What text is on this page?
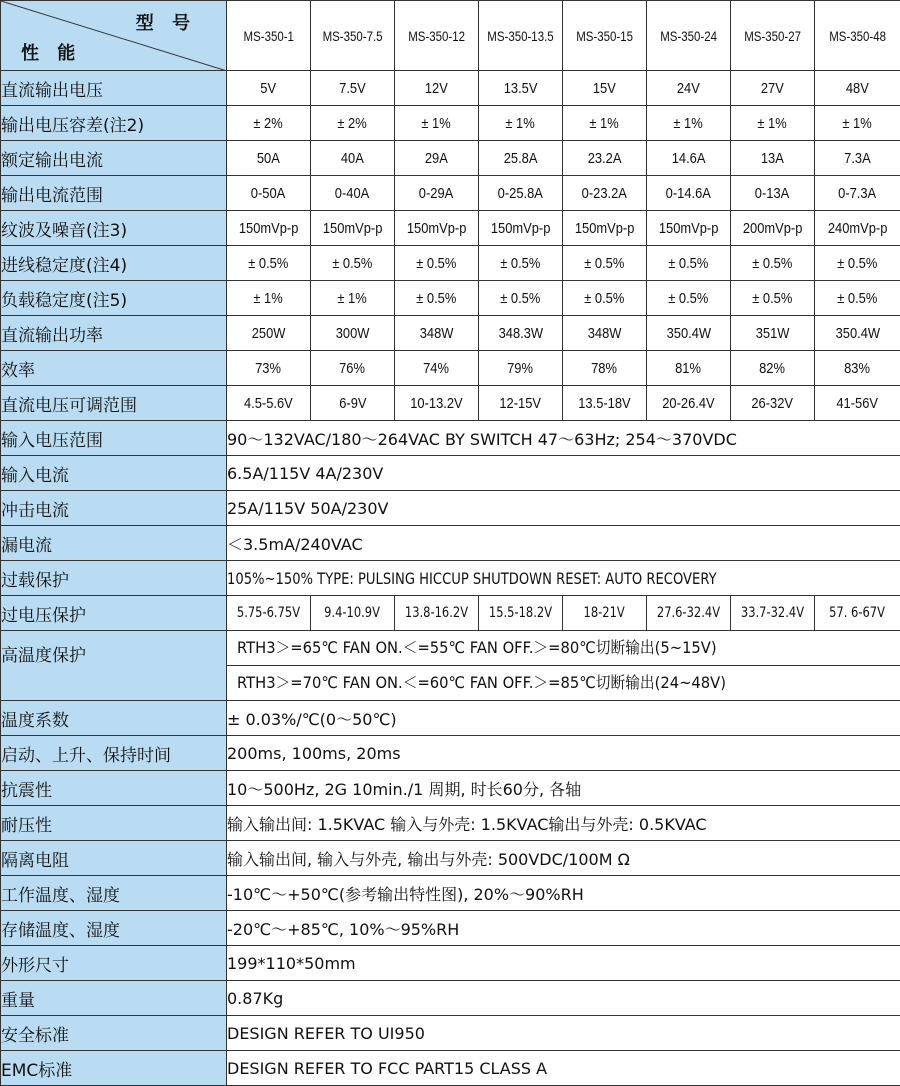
型 号
性 能	MS-350-1	MS-350-7.5	MS-350-12	MS-350-13.5	MS-350-15	MS-350-24	MS-350-27	MS-350-48
直流输出电压	5V	7.5V	12V	13.5V	15V	24V	27V	48V
输出电压容差(注2)	± 2%	± 2%	± 1%	± 1%	± 1%	± 1%	± 1%	± 1%
额定输出电流	50A	40A	29A	25.8A	23.2A	14.6A	13A	7.3A
输出电流范围	0-50A	0-40A	0-29A	0-25.8A	0-23.2A	0-14.6A	0-13A	0-7.3A
纹波及噪音(注3)	150mVp-p	150mVp-p	150mVp-p	150mVp-p	150mVp-p	150mVp-p	200mVp-p	240mVp-p
进线稳定度(注4)	± 0.5%	± 0.5%	± 0.5%	± 0.5%	± 0.5%	± 0.5%	± 0.5%	± 0.5%
负载稳定度(注5)	± 1%	± 1%	± 0.5%	± 0.5%	± 0.5%	± 0.5%	± 0.5%	± 0.5%
直流输出功率	250W	300W	348W	348.3W	348W	350.4W	351W	350.4W
效率	73%	76%	74%	79%	78%	81%	82%	83%
直流电压可调范围	4.5-5.6V	6-9V	10-13.2V	12-15V	13.5-18V	20-26.4V	26-32V	41-56V
输入电压范围	90～132VAC/180～264VAC BY SWITCH 47～63Hz; 254～370VDC							
输入电流	6.5A/115V 4A/230V							
冲击电流	25A/115V 50A/230V							
漏电流	＜3.5mA/240VAC							
过载保护	105%~150% TYPE: PULSING HICCUP SHUTDOWN RESET: AUTO RECOVERY							
过电压保护	5.75-6.75V	9.4-10.9V	13.8-16.2V	15.5-18.2V	18-21V	27.6-32.4V	33.7-32.4V	57. 6-67V
高温度保护	RTH3＞=65℃ FAN ON.＜=55℃ FAN OFF.＞=80℃切断输出(5~15V)
RTH3＞=70℃ FAN ON.＜=60℃ FAN OFF.＞=85℃切断输出(24~48V)							

温度系数	± 0.03%/℃(0～50℃)							
启动、上升、保持时间	200ms, 100ms, 20ms							
抗震性	10～500Hz, 2G 10min./1 周期, 时长60分, 各轴							
耐压性	输入输出间: 1.5KVAC 输入与外壳: 1.5KVAC输出与外壳: 0.5KVAC							
隔离电阻	输入输出间, 输入与外壳, 输出与外壳: 500VDC/100M Ω							
工作温度、湿度	-10℃～+50℃(参考输出特性图), 20%～90%RH							
存储温度、湿度	-20℃～+85℃, 10%～95%RH							
外形尺寸	199*110*50mm							
重量	0.87Kg							
安全标准	DESIGN REFER TO UI950							
EMC标准	DESIGN REFER TO FCC PART15 CLASS A							
